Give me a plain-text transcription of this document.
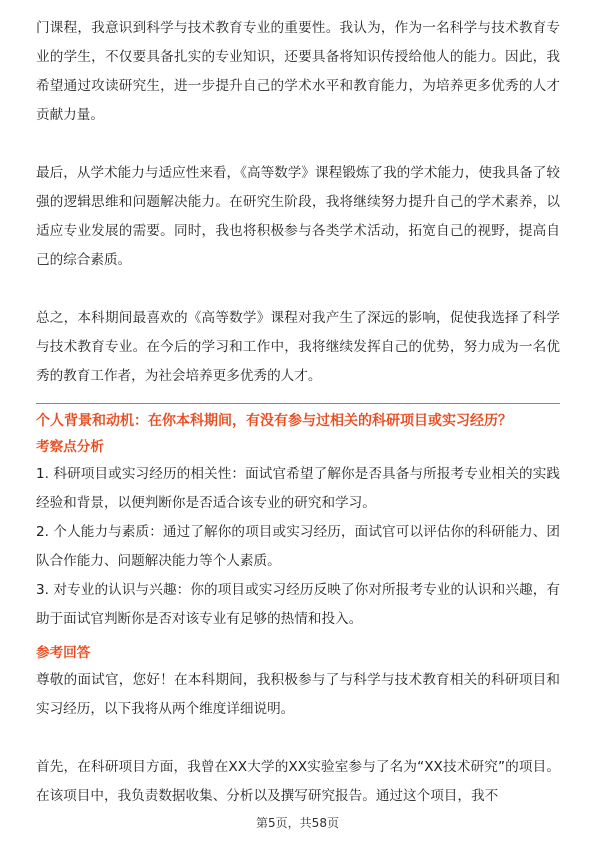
门课程，我意识到科学与技术教育专业的重要性。我认为，作为一名科学与技术教育专业的学生，不仅要具备扎实的专业知识，还要具备将知识传授给他人的能力。因此，我希望通过攻读研究生，进一步提升自己的学术水平和教育能力，为培养更多优秀的人才贡献力量。

最后，从学术能力与适应性来看，《高等数学》课程锻炼了我的学术能力，使我具备了较强的逻辑思维和问题解决能力。在研究生阶段，我将继续努力提升自己的学术素养，以适应专业发展的需要。同时，我也将积极参与各类学术活动，拓宽自己的视野，提高自己的综合素质。

总之，本科期间最喜欢的《高等数学》课程对我产生了深远的影响，促使我选择了科学与技术教育专业。在今后的学习和工作中，我将继续发挥自己的优势，努力成为一名优秀的教育工作者，为社会培养更多优秀的人才。

个人背景和动机：在你本科期间，有没有参与过相关的科研项目或实习经历？

考察点分析

1. 科研项目或实习经历的相关性：面试官希望了解你是否具备与所报考专业相关的实践经验和背景，以便判断你是否适合该专业的研究和学习。
2. 个人能力与素质：通过了解你的项目或实习经历，面试官可以评估你的科研能力、团队合作能力、问题解决能力等个人素质。
3. 对专业的认识与兴趣：你的项目或实习经历反映了你对所报考专业的认识和兴趣，有助于面试官判断你是否对该专业有足够的热情和投入。

参考回答

尊敬的面试官，您好！在本科期间，我积极参与了与科学与技术教育相关的科研项目和实习经历，以下我将从两个维度详细说明。

首先，在科研项目方面，我曾在XX大学的XX实验室参与了名为“XX技术研究”的项目。在该项目中，我负责数据收集、分析以及撰写研究报告。通过这个项目，我不

第5页，共58页
